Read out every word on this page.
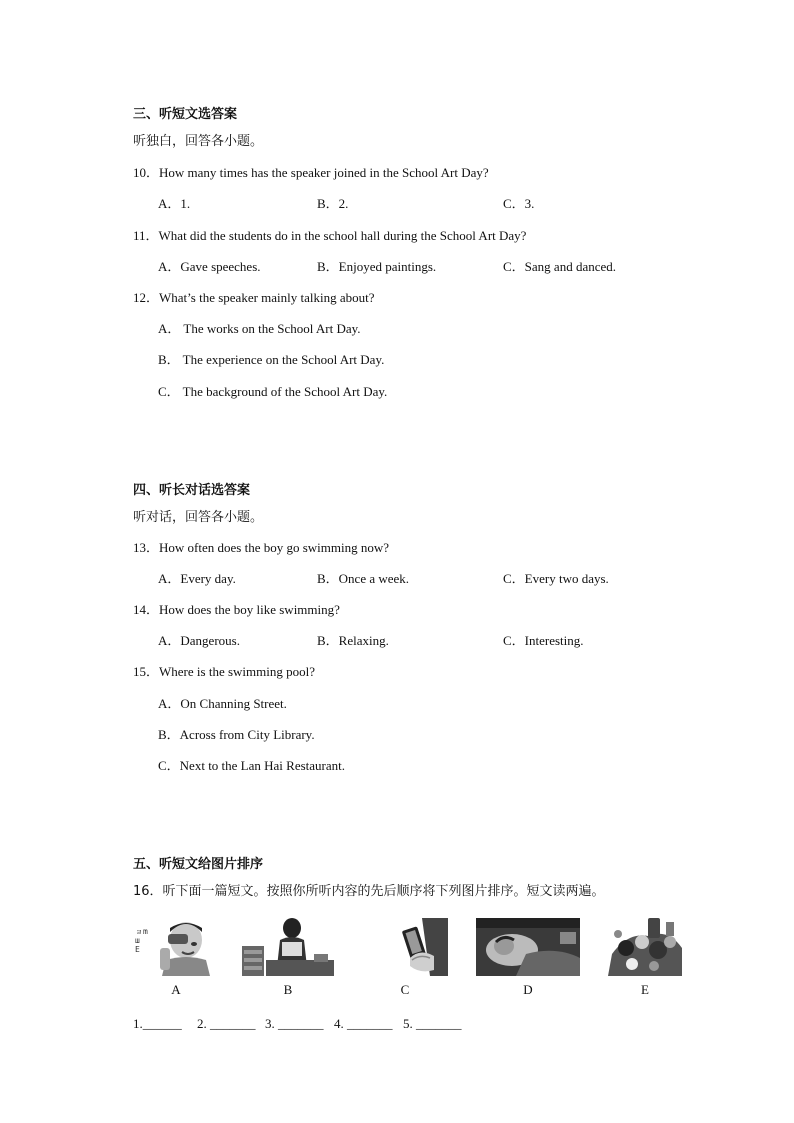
三、听短文选答案
听独白，回答各小题。
10．How many times has the speaker joined in the School Art Day?
A．1.	B．2.	C．3.
11．What did the students do in the school hall during the School Art Day?
A．Gave speeches.	B．Enjoyed paintings.	C．Sang and danced.
12．What’s the speaker mainly talking about?
A． The works on the School Art Day.
B． The experience on the School Art Day.
C． The background of the School Art Day.
四、听长对话选答案
听对话，回答各小题。
13．How often does the boy go swimming now?
A．Every day.	B．Once a week.	C．Every two days.
14．How does the boy like swimming?
A．Dangerous.	B．Relaxing.	C．Interesting.
15．Where is the swimming pool?
A．On Channing Street.
B．Across from City Library.
C．Next to the Lan Hai Restaurant.
五、听短文给图片排序
16．听下面一篇短文。按照你所听内容的先后顺序将下列图片排序。短文读两遍。
ョm ш E
A	B	C	D	E
1.______ 2. _______ 3. _______ 4. _______ 5. _______
